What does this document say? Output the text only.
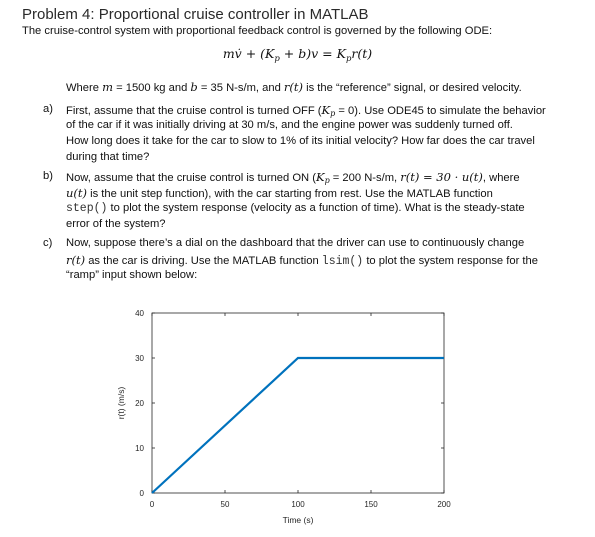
Problem 4: Proportional cruise controller in MATLAB
The cruise-control system with proportional feedback control is governed by the following ODE:
mv̇ + $(K_p + b)v = K_pr(t)$
Where m = 1500 kg and b = 35 N-s/m, and r(t) is the “reference” signal, or desired velocity.
a) First, assume that the cruise control is turned OFF (Kp = 0). Use ODE45 to simulate the behavior
of the car if it was initially driving at 30 m/s, and the engine power was suddenly turned off.
How long does it take for the car to slow to 1% of its initial velocity? How far does the car travel
during that time?
b) Now, assume that the cruise control is turned ON (Kp = 200 N-s/m, r(t) = 30 · u(t), where
u(t) is the unit step function), with the car starting from rest. Use the MATLAB function
step() to plot the system response (velocity as a function of time). What is the steady-state
error of the system?
c) Now, suppose there’s a dial on the dashboard that the driver can use to continuously change
r(t) as the car is driving. Use the MATLAB function lsim() to plot the system response for the
“ramp” input shown below:
0	50	100	150	200
0
10
20
30
40
Time (s)
r(t) (m/s)
